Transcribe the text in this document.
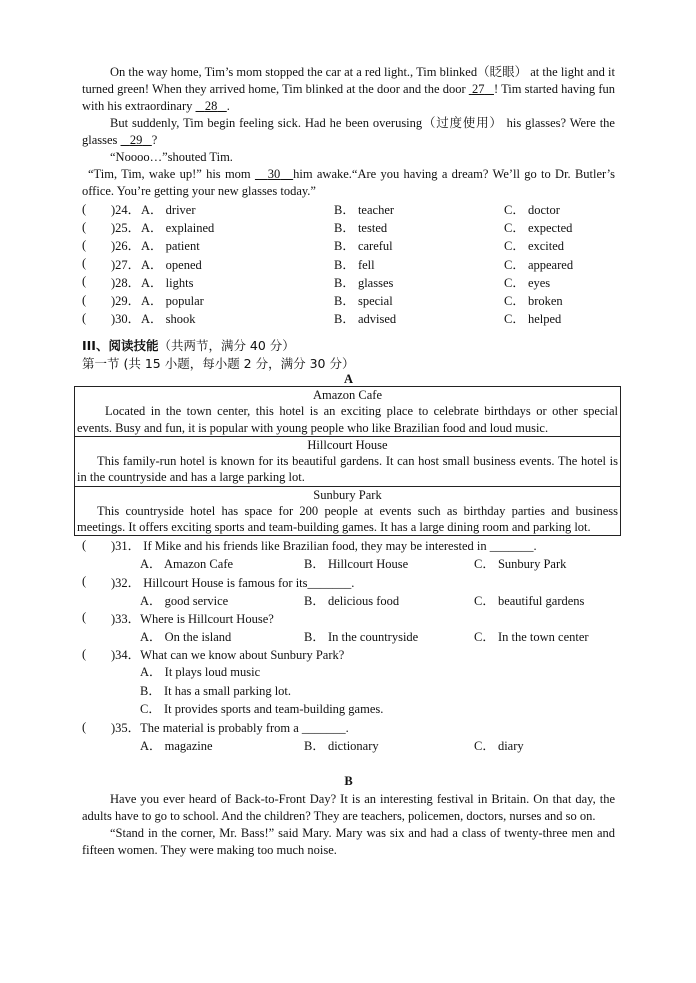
On the way home, Tim’s mom stopped the car at a red light., Tim blinked（眨眼） at the light and it turned green! When they arrived home, Tim blinked at the door and the door  27 ! Tim started having fun with his extraordinary    28 .

But suddenly, Tim begin feeling sick. Had he been overusing（过度使用） his glasses? Were the glasses    29 ?

“Noooo…”shouted Tim.

“Tim, Tim, wake up!” his mom    30 him awake.“Are you having a dream? We’ll go to Dr. Butler’s office. You’re getting your new glasses today.”

(	)24． A． driver	B． teacher	C． doctor
(	)25． A． explained	B． tested	C． expected
(	)26． A． patient	B． careful	C． excited
(	)27． A． opened	B． fell	C． appeared
(	)28． A． lights	B． glasses	C． eyes
(	)29． A． popular	B． special	C． broken
(	)30． A． shook	B． advised	C． helped
III、阅读技能（共两节，满分 40 分）
第一节 (共 15 小题，每小题 2 分，满分 30 分）
A
Amazon Cafe

Located in the town center, this hotel is an exciting place to celebrate birthdays or other special events. Busy and fun, it is popular with young people who like Brazilian food and loud music.

Hillcourt House

This family-run hotel is known for its beautiful gardens. It can host small business events. The hotel is in the countryside and has a large parking lot.

Sunbury Park

This countryside hotel has space for 200 people at events such as birthday parties and business meetings. It offers exciting sports and team-building games. It has a large dining room and parking lot.

(	)31． If Mike and his friends like Brazilian food, they may be interested in _______.
A． Amazon Cafe	B． Hillcourt House	C． Sunbury Park
(	)32． Hillcourt House is famous for its_______.
A． good service	B． delicious food	C． beautiful gardens
(	)33．Where is Hillcourt House?
A． On the island	B． In the countryside	C． In the town center
(	)34．What can we know about Sunbury Park?
A． It plays loud music
B． It has a small parking lot.
C． It provides sports and team-building games.
(	)35．The material is probably from a _______.
A． magazine	B． dictionary	C． diary
B

Have you ever heard of Back-to-Front Day? It is an interesting festival in Britain. On that day, the adults have to go to school. And the children? They are teachers, policemen, doctors, nurses and so on.

“Stand in the corner, Mr. Bass!” said Mary. Mary was six and had a class of twenty-three men and fifteen women. They were making too much noise.
